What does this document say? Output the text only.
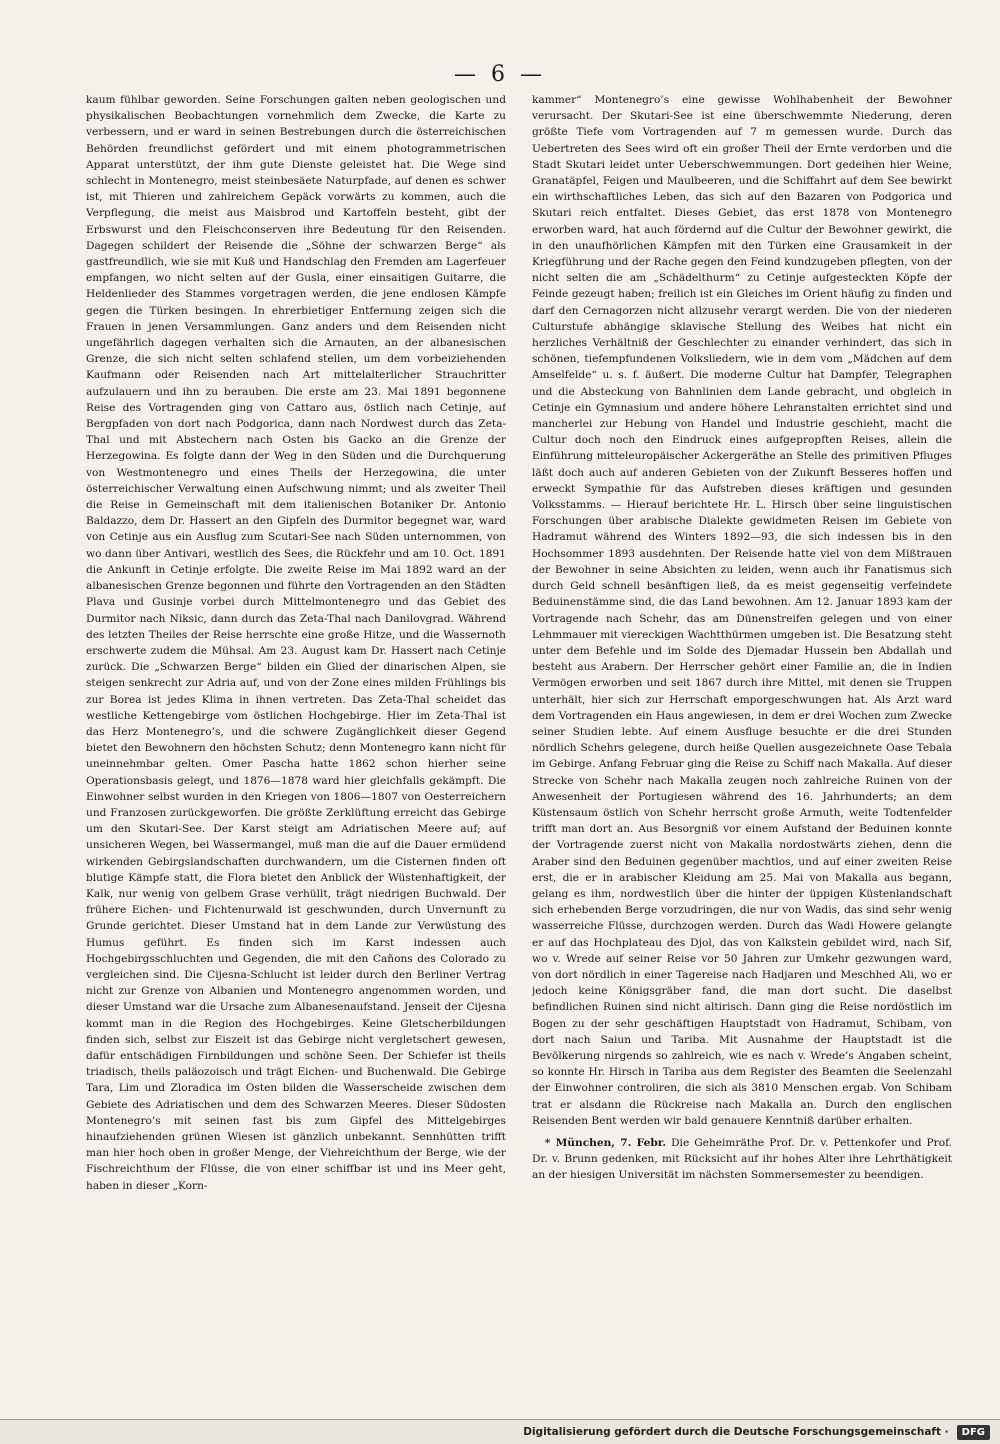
— 6 —

kaum fühlbar geworden. Seine Forschungen galten neben geologischen und physikalischen Beobachtungen vornehmlich dem Zwecke, die Karte zu verbessern, und er ward in seinen Bestrebungen durch die österreichischen Behörden freundlichst gefördert und mit einem photogrammetrischen Apparat unterstützt, der ihm gute Dienste geleistet hat. Die Wege sind schlecht in Montenegro, meist steinbesäete Naturpfade, auf denen es schwer ist, mit Thieren und zahlreichem Gepäck vorwärts zu kommen, auch die Verpflegung, die meist aus Maisbrod und Kartoffeln besteht, gibt der Erbswurst und den Fleischconserven ihre Bedeutung für den Reisenden. Dagegen schildert der Reisende die „Söhne der schwarzen Berge“ als gastfreundlich, wie sie mit Kuß und Handschlag den Fremden am Lagerfeuer empfangen, wo nicht selten auf der Gusla, einer einsaitigen Guitarre, die Heldenlieder des Stammes vorgetragen werden, die jene endlosen Kämpfe gegen die Türken besingen. In ehrerbietiger Entfernung zeigen sich die Frauen in jenen Versammlungen. Ganz anders und dem Reisenden nicht ungefährlich dagegen verhalten sich die Arnauten, an der albanesischen Grenze, die sich nicht selten schlafend stellen, um dem vorbeiziehenden Kaufmann oder Reisenden nach Art mittelalterlicher Strauchritter aufzulauern und ihn zu berauben. Die erste am 23. Mai 1891 begonnene Reise des Vortragenden ging von Cattaro aus, östlich nach Cetinje, auf Bergpfaden von dort nach Podgorica, dann nach Nordwest durch das Zeta-Thal und mit Abstechern nach Osten bis Gacko an die Grenze der Herzegowina. Es folgte dann der Weg in den Süden und die Durchquerung von Westmontenegro und eines Theils der Herzegowina, die unter österreichischer Verwaltung einen Aufschwung nimmt; und als zweiter Theil die Reise in Gemeinschaft mit dem italienischen Botaniker Dr. Antonio Baldazzo, dem Dr. Hassert an den Gipfeln des Durmitor begegnet war, ward von Cetinje aus ein Ausflug zum Scutari-See nach Süden unternommen, von wo dann über Antivari, westlich des Sees, die Rückfehr und am 10. Oct. 1891 die Ankunft in Cetinje erfolgte. Die zweite Reise im Mai 1892 ward an der albanesischen Grenze begonnen und führte den Vortragenden an den Städten Plava und Gusinje vorbei durch Mittelmontenegro und das Gebiet des Durmitor nach Niksic, dann durch das Zeta-Thal nach Danilovgrad. Während des letzten Theiles der Reise herrschte eine große Hitze, und die Wassernoth erschwerte zudem die Mühsal. Am 23. August kam Dr. Hassert nach Cetinje zurück. Die „Schwarzen Berge“ bilden ein Glied der dinarischen Alpen, sie steigen senkrecht zur Adria auf, und von der Zone eines milden Frühlings bis zur Borea ist jedes Klima in ihnen vertreten. Das Zeta-Thal scheidet das westliche Kettengebirge vom östlichen Hochgebirge. Hier im Zeta-Thal ist das Herz Montenegro’s, und die schwere Zugänglichkeit dieser Gegend bietet den Bewohnern den höchsten Schutz; denn Montenegro kann nicht für uneinnehmbar gelten. Omer Pascha hatte 1862 schon hierher seine Operationsbasis gelegt, und 1876—1878 ward hier gleichfalls gekämpft. Die Einwohner selbst wurden in den Kriegen von 1806—1807 von Oesterreichern und Franzosen zurückgeworfen. Die größte Zerklüftung erreicht das Gebirge um den Skutari-See. Der Karst steigt am Adriatischen Meere auf; auf unsicheren Wegen, bei Wassermangel, muß man die auf die Dauer ermüdend wirkenden Gebirgslandschaften durchwandern, um die Cisternen finden oft blutige Kämpfe statt, die Flora bietet den Anblick der Wüstenhaftigkeit, der Kalk, nur wenig von gelbem Grase verhüllt, trägt niedrigen Buchwald. Der frühere Eichen- und Fichtenurwald ist geschwunden, durch Unvernunft zu Grunde gerichtet. Dieser Umstand hat in dem Lande zur Verwüstung des Humus geführt. Es finden sich im Karst indessen auch Hochgebirgsschluchten und Gegenden, die mit den Cañons des Colorado zu vergleichen sind. Die Cijesna-Schlucht ist leider durch den Berliner Vertrag nicht zur Grenze von Albanien und Montenegro angenommen worden, und dieser Umstand war die Ursache zum Albanesenaufstand. Jenseit der Cijesna kommt man in die Region des Hochgebirges. Keine Gletscherbildungen finden sich, selbst zur Eiszeit ist das Gebirge nicht vergletschert gewesen, dafür entschädigen Firnbildungen und schöne Seen. Der Schiefer ist theils triadisch, theils paläozoisch und trägt Eichen- und Buchenwald. Die Gebirge Tara, Lim und Zloradica im Osten bilden die Wasserscheide zwischen dem Gebiete des Adriatischen und dem des Schwarzen Meeres. Dieser Südosten Montenegro’s mit seinen fast bis zum Gipfel des Mittelgebirges hinaufziehenden grünen Wiesen ist gänzlich unbekannt. Sennhütten trifft man hier hoch oben in großer Menge, der Viehreichthum der Berge, wie der Fischreichthum der Flüsse, die von einer schiffbar ist und ins Meer geht, haben in dieser „Korn-

kammer“ Montenegro’s eine gewisse Wohlhabenheit der Bewohner verursacht. Der Skutari-See ist eine überschwemmte Niederung, deren größte Tiefe vom Vortragenden auf 7 m gemessen wurde. Durch das Uebertreten des Sees wird oft ein großer Theil der Ernte verdorben und die Stadt Skutari leidet unter Ueberschwemmungen. Dort gedeihen hier Weine, Granatäpfel, Feigen und Maulbeeren, und die Schiffahrt auf dem See bewirkt ein wirthschaftliches Leben, das sich auf den Bazaren von Podgorica und Skutari reich entfaltet. Dieses Gebiet, das erst 1878 von Montenegro erworben ward, hat auch fördernd auf die Cultur der Bewohner gewirkt, die in den unaufhörlichen Kämpfen mit den Türken eine Grausamkeit in der Kriegführung und der Rache gegen den Feind kundzugeben pflegten, von der nicht selten die am „Schädelthurm“ zu Cetinje aufgesteckten Köpfe der Feinde gezeugt haben; freilich ist ein Gleiches im Orient häufig zu finden und darf den Cernagorzen nicht allzusehr verargt werden. Die von der niederen Culturstufe abhängige sklavische Stellung des Weibes hat nicht ein herzliches Verhältniß der Geschlechter zu einander verhindert, das sich in schönen, tiefempfundenen Volksliedern, wie in dem vom „Mädchen auf dem Amselfelde“ u. s. f. äußert. Die moderne Cultur hat Dampfer, Telegraphen und die Absteckung von Bahnlinien dem Lande gebracht, und obgleich in Cetinje ein Gymnasium und andere höhere Lehranstalten errichtet sind und mancherlei zur Hebung von Handel und Industrie geschieht, macht die Cultur doch noch den Eindruck eines aufgepropften Reises, allein die Einführung mitteleuropäischer Ackergeräthe an Stelle des primitiven Pfluges läßt doch auch auf anderen Gebieten von der Zukunft Besseres hoffen und erweckt Sympathie für das Aufstreben dieses kräftigen und gesunden Volksstamms. — Hierauf berichtete Hr. L. Hirsch über seine linguistischen Forschungen über arabische Dialekte gewidmeten Reisen im Gebiete von Hadramut während des Winters 1892—93, die sich indessen bis in den Hochsommer 1893 ausdehnten. Der Reisende hatte viel von dem Mißtrauen der Bewohner in seine Absichten zu leiden, wenn auch ihr Fanatismus sich durch Geld schnell besänftigen ließ, da es meist gegenseitig verfeindete Beduinenstämme sind, die das Land bewohnen. Am 12. Januar 1893 kam der Vortragende nach Schehr, das am Dünenstreifen gelegen und von einer Lehmmauer mit viereckigen Wachtthürmen umgeben ist. Die Besatzung steht unter dem Befehle und im Solde des Djemadar Hussein ben Abdallah und besteht aus Arabern. Der Herrscher gehört einer Familie an, die in Indien Vermögen erworben und seit 1867 durch ihre Mittel, mit denen sie Truppen unterhält, hier sich zur Herrschaft emporgeschwungen hat. Als Arzt ward dem Vortragenden ein Haus angewiesen, in dem er drei Wochen zum Zwecke seiner Studien lebte. Auf einem Ausfluge besuchte er die drei Stunden nördlich Schehrs gelegene, durch heiße Quellen ausgezeichnete Oase Tebala im Gebirge. Anfang Februar ging die Reise zu Schiff nach Makalla. Auf dieser Strecke von Schehr nach Makalla zeugen noch zahlreiche Ruinen von der Anwesenheit der Portugiesen während des 16. Jahrhunderts; an dem Küstensaum östlich von Schehr herrscht große Armuth, weite Todtenfelder trifft man dort an. Aus Besorgniß vor einem Aufstand der Beduinen konnte der Vortragende zuerst nicht von Makalla nordostwärts ziehen, denn die Araber sind den Beduinen gegenüber machtlos, und auf einer zweiten Reise erst, die er in arabischer Kleidung am 25. Mai von Makalla aus begann, gelang es ihm, nordwestlich über die hinter der üppigen Küstenlandschaft sich erhebenden Berge vorzudringen, die nur von Wadis, das sind sehr wenig wasserreiche Flüsse, durchzogen werden. Durch das Wadi Howere gelangte er auf das Hochplateau des Djol, das von Kalkstein gebildet wird, nach Sif, wo v. Wrede auf seiner Reise vor 50 Jahren zur Umkehr gezwungen ward, von dort nördlich in einer Tagereise nach Hadjaren und Meschhed Ali, wo er jedoch keine Königsgräber fand, die man dort sucht. Die daselbst befindlichen Ruinen sind nicht altirisch. Dann ging die Reise nordöstlich im Bogen zu der sehr geschäftigen Hauptstadt von Hadramut, Schibam, von dort nach Saiun und Tariba. Mit Ausnahme der Hauptstadt ist die Bevölkerung nirgends so zahlreich, wie es nach v. Wrede’s Angaben scheint, so konnte Hr. Hirsch in Tariba aus dem Register des Beamten die Seelenzahl der Einwohner controliren, die sich als 3810 Menschen ergab. Von Schibam trat er alsdann die Rückreise nach Makalla an. Durch den englischen Reisenden Bent werden wir bald genauere Kenntniß darüber erhalten.

* München, 7. Febr. Die Geheimräthe Prof. Dr. v. Pettenkofer und Prof. Dr. v. Brunn gedenken, mit Rücksicht auf ihr hohes Alter ihre Lehrthätigkeit an der hiesigen Universität im nächsten Sommersemester zu beendigen.

Digitalisierung gefördert durch die Deutsche Forschungsgemeinschaft ·	DFG
